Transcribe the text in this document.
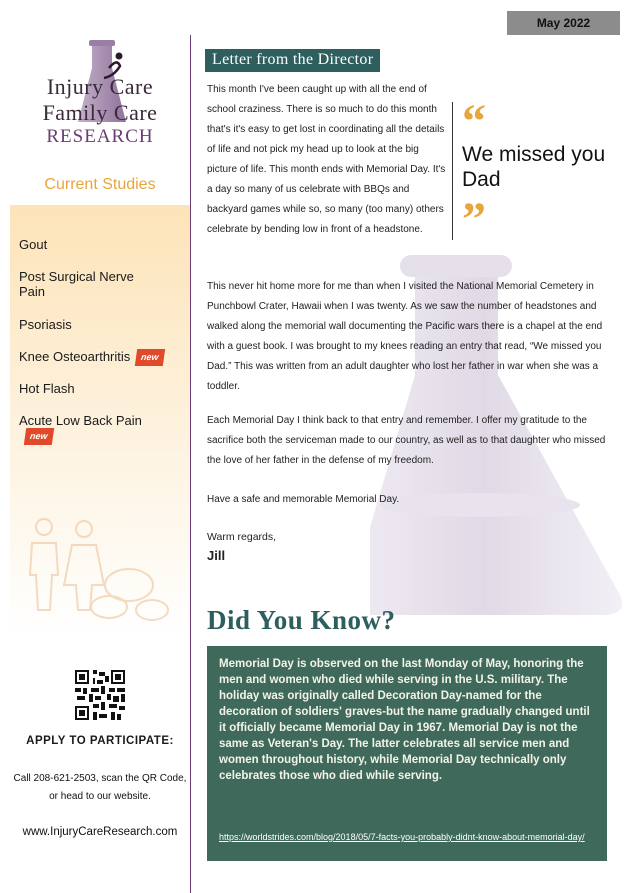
May 2022
Injury Care
Family Care
RESEARCH
Current Studies
Gout
Post Surgical Nerve Pain
Psoriasis
Knee Osteoarthritis new
Hot Flash
Acute Low Back Painnew
APPLY TO PARTICIPATE:
Call 208-621-2503, scan the QR Code, or head to our website.
www.InjuryCareResearch.com
Letter from the Director
This month I've been caught up with all the end of school craziness. There is so much to do this month that's it's easy to get lost in coordinating all the details of life and not pick my head up to look at the big picture of life. This month ends with Memorial Day. It's a day so many of us celebrate with BBQs and backyard games while so, so many (too many) others celebrate by bending low in front of a headstone.
“
We missed you Dad
”
This never hit home more for me than when I visited the National Memorial Cemetery in Punchbowl Crater, Hawaii when I was twenty. As we saw the number of headstones and walked along the memorial wall documenting the Pacific wars there is a chapel at the end with a guest book. I was brought to my knees reading an entry that read, “We missed you Dad.” This was written from an adult daughter who lost her father in war when she was a toddler.
Each Memorial Day I think back to that entry and remember. I offer my gratitude to the sacrifice both the serviceman made to our country, as well as to that daughter who missed the love of her father in the defense of my freedom.
Have a safe and memorable Memorial Day.
Warm regards,
Jill
Did You Know?
Memorial Day is observed on the last Monday of May, honoring the men and women who died while serving in the U.S. military. The holiday was originally called Decoration Day-named for the decoration of soldiers' graves-but the name gradually changed until it officially became Memorial Day in 1967. Memorial Day is not the same as Veteran's Day. The latter celebrates all service men and women throughout history, while Memorial Day technically only celebrates those who died while serving.
https://worldstrides.com/blog/2018/05/7-facts-you-probably-didnt-know-about-memorial-day/
